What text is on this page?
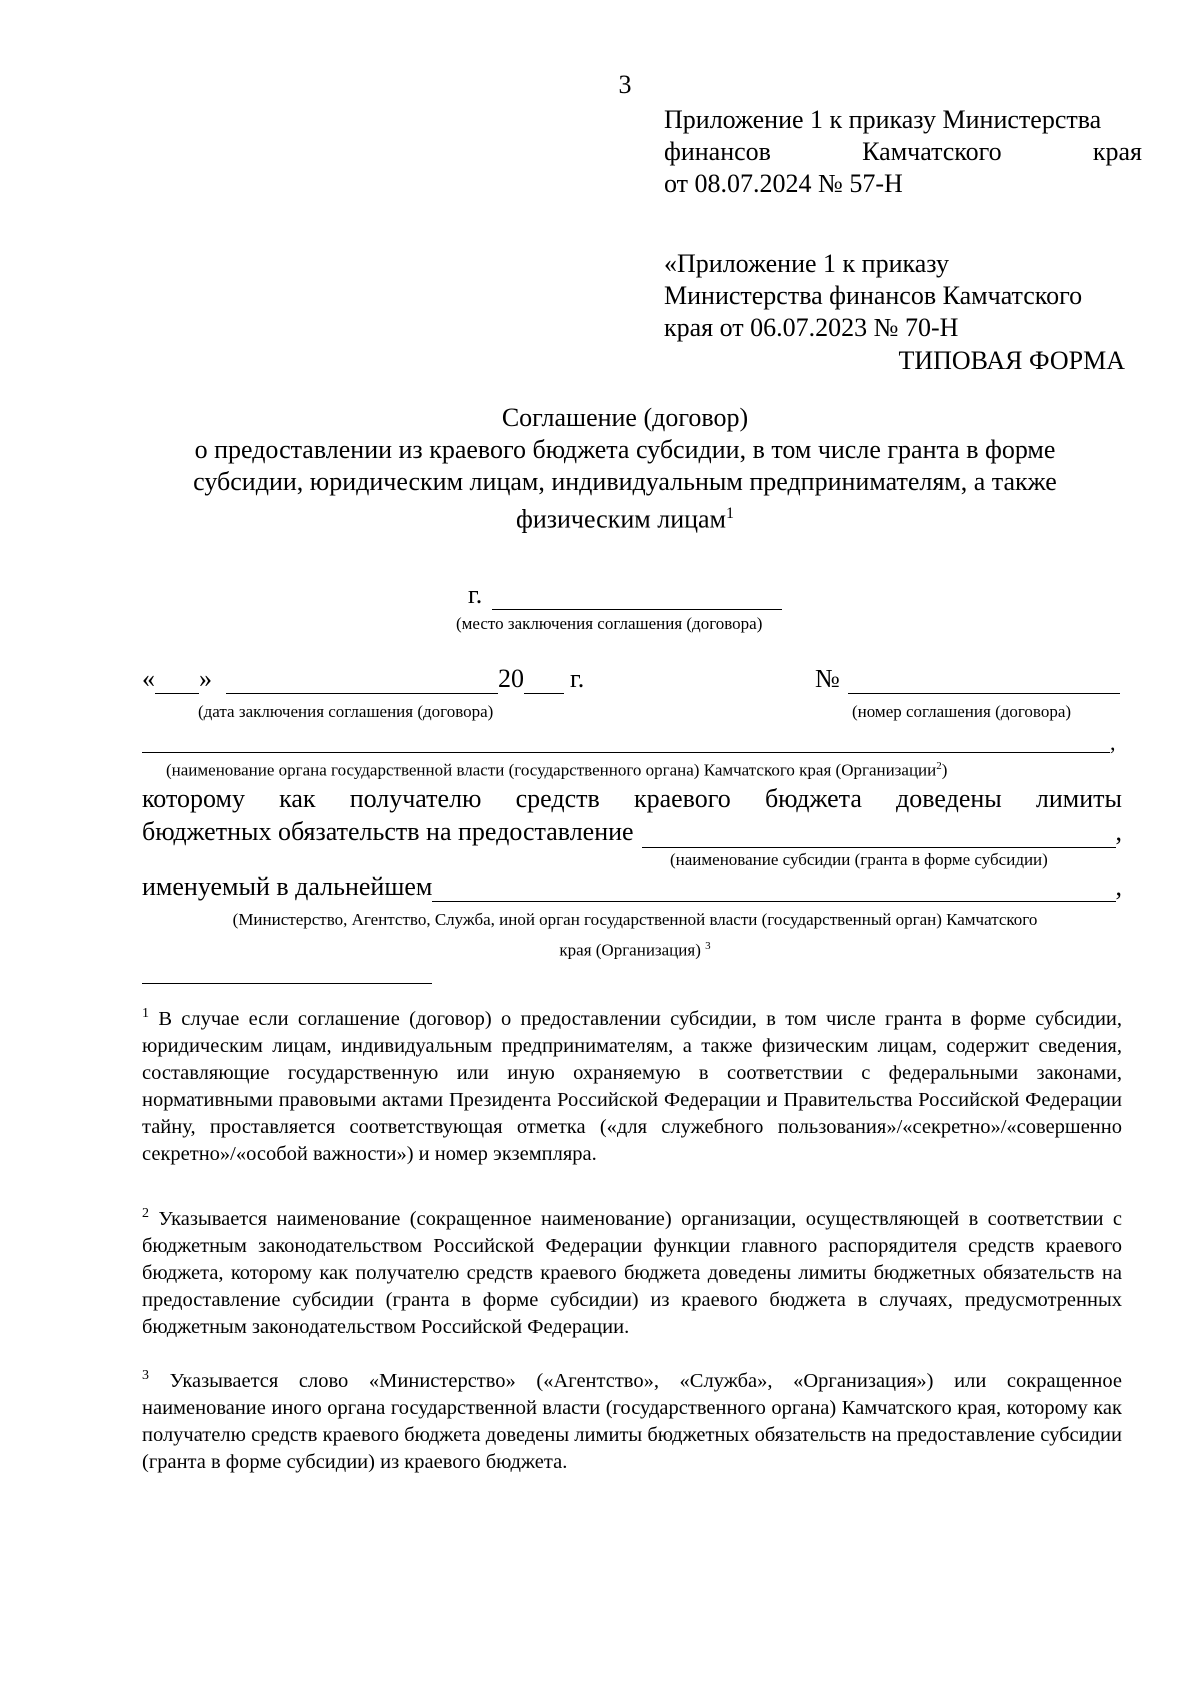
3
Приложение 1 к приказу Министерства
финансов	Камчатского	края
от 08.07.2024 № 57-Н
«Приложение 1 к приказу
Министерства финансов Камчатского
края от 06.07.2023 № 70-Н
ТИПОВАЯ ФОРМА
Соглашение (договор)
о предоставлении из краевого бюджета субсидии, в том числе гранта в форме
субсидии, юридическим лицам, индивидуальным предпринимателям, а также
физическим лицам$^1$
г.
(место заключения соглашения (договора)
« »	20 г.
(дата заключения соглашения (договора)
№
(номер соглашения (договора)
,
(наименование органа государственной власти (государственного органа) Камчатского края (Организации$^2$)
которому как получателю средств краевого бюджета доведены лимиты
бюджетных обязательств на предоставление	,
(наименование субсидии (гранта в форме субсидии)
именуемый в дальнейшем	,
(Министерство, Агентство, Служба, иной орган государственной власти (государственный орган) Камчатского
края (Организация) $^3$
$^1$ В случае если соглашение (договор) о предоставлении субсидии, в том числе гранта в форме субсидии, юридическим лицам, индивидуальным предпринимателям, а также физическим лицам, содержит сведения, составляющие государственную или иную охраняемую в соответствии с федеральными законами, нормативными правовыми актами Президента Российской Федерации и Правительства Российской Федерации тайну, проставляется соответствующая отметка («для служебного пользования»/«секретно»/«совершенно секретно»/«особой важности») и номер экземпляра.
$^2$ Указывается наименование (сокращенное наименование) организации, осуществляющей в соответствии с бюджетным законодательством Российской Федерации функции главного распорядителя средств краевого бюджета, которому как получателю средств краевого бюджета доведены лимиты бюджетных обязательств на предоставление субсидии (гранта в форме субсидии) из краевого бюджета в случаях, предусмотренных бюджетным законодательством Российской Федерации.
$^3$ Указывается слово «Министерство» («Агентство», «Служба», «Организация») или сокращенное наименование иного органа государственной власти (государственного органа) Камчатского края, которому как получателю средств краевого бюджета доведены лимиты бюджетных обязательств на предоставление субсидии (гранта в форме субсидии) из краевого бюджета.
